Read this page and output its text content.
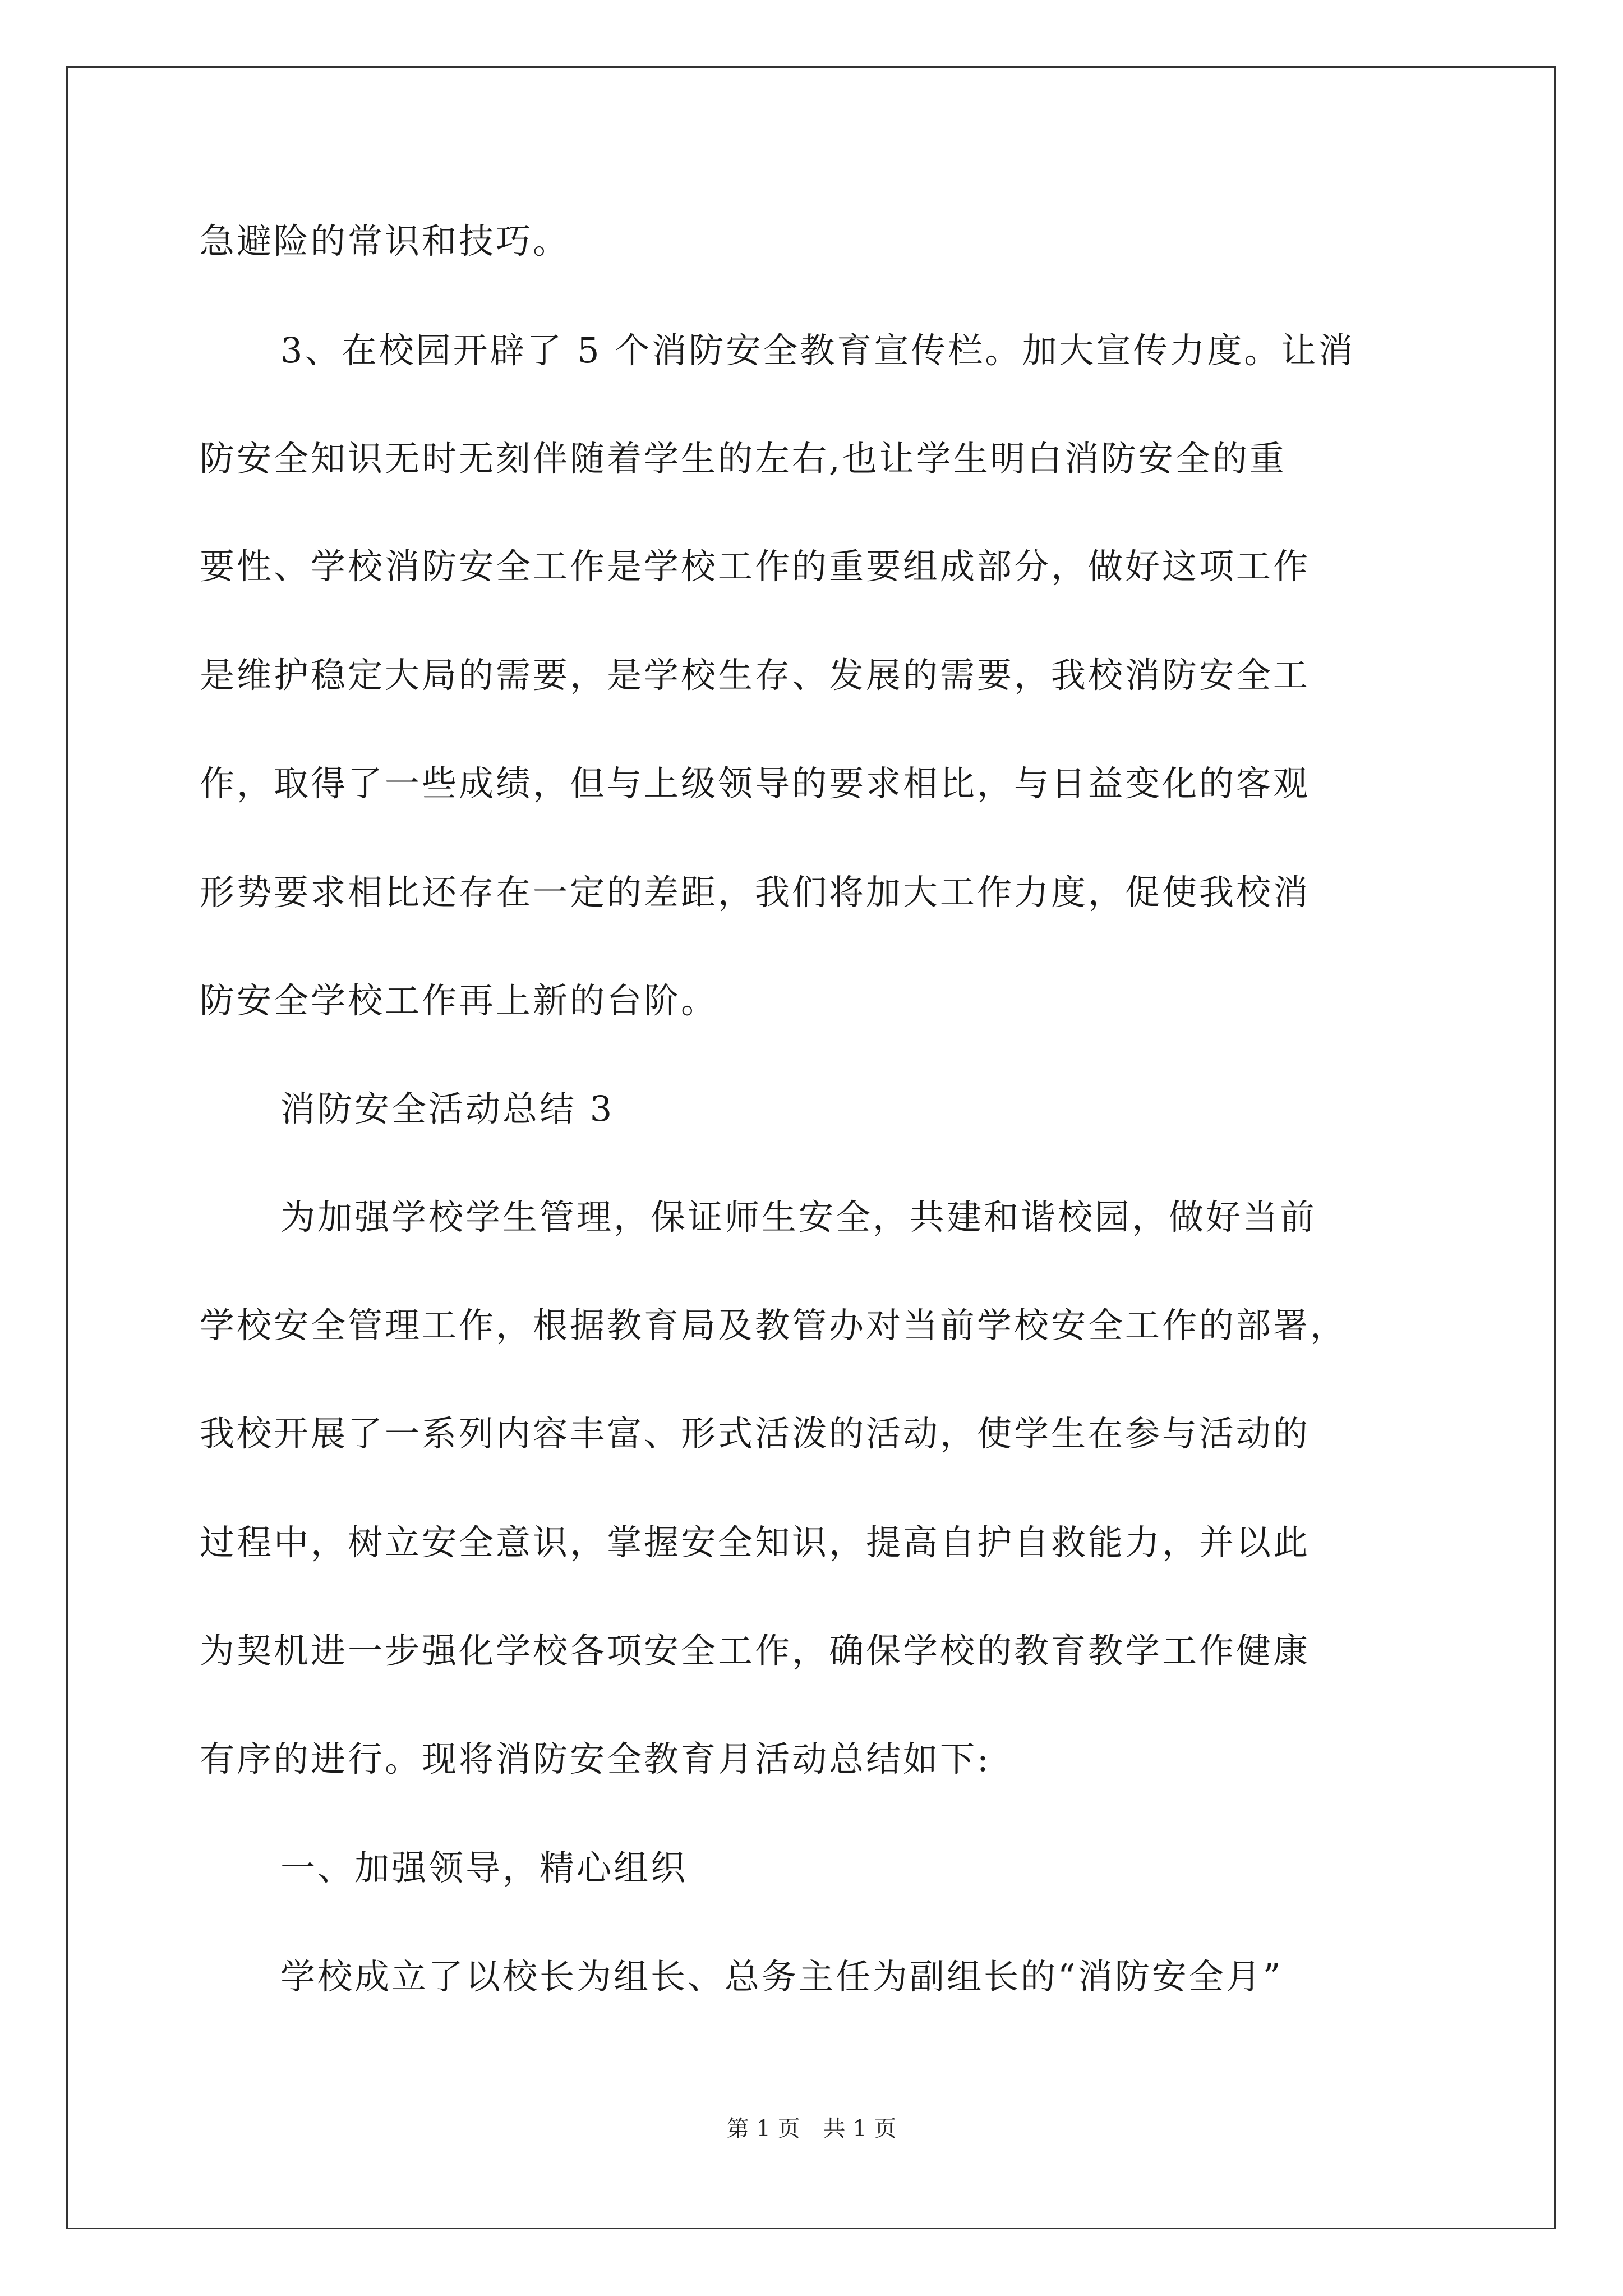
急避险的常识和技巧。
3、在校园开辟了 5 个消防安全教育宣传栏。加大宣传力度。让消
防安全知识无时无刻伴随着学生的左右,也让学生明白消防安全的重
要性、学校消防安全工作是学校工作的重要组成部分，做好这项工作
是维护稳定大局的需要，是学校生存、发展的需要，我校消防安全工
作，取得了一些成绩，但与上级领导的要求相比，与日益变化的客观
形势要求相比还存在一定的差距，我们将加大工作力度，促使我校消
防安全学校工作再上新的台阶。
消防安全活动总结 3
为加强学校学生管理，保证师生安全，共建和谐校园，做好当前
学校安全管理工作，根据教育局及教管办对当前学校安全工作的部署，
我校开展了一系列内容丰富、形式活泼的活动，使学生在参与活动的
过程中，树立安全意识，掌握安全知识，提高自护自救能力，并以此
为契机进一步强化学校各项安全工作，确保学校的教育教学工作健康
有序的进行。现将消防安全教育月活动总结如下:
一、加强领导，精心组织
学校成立了以校长为组长、总务主任为副组长的“消防安全月”
第 1 页 共 1 页
